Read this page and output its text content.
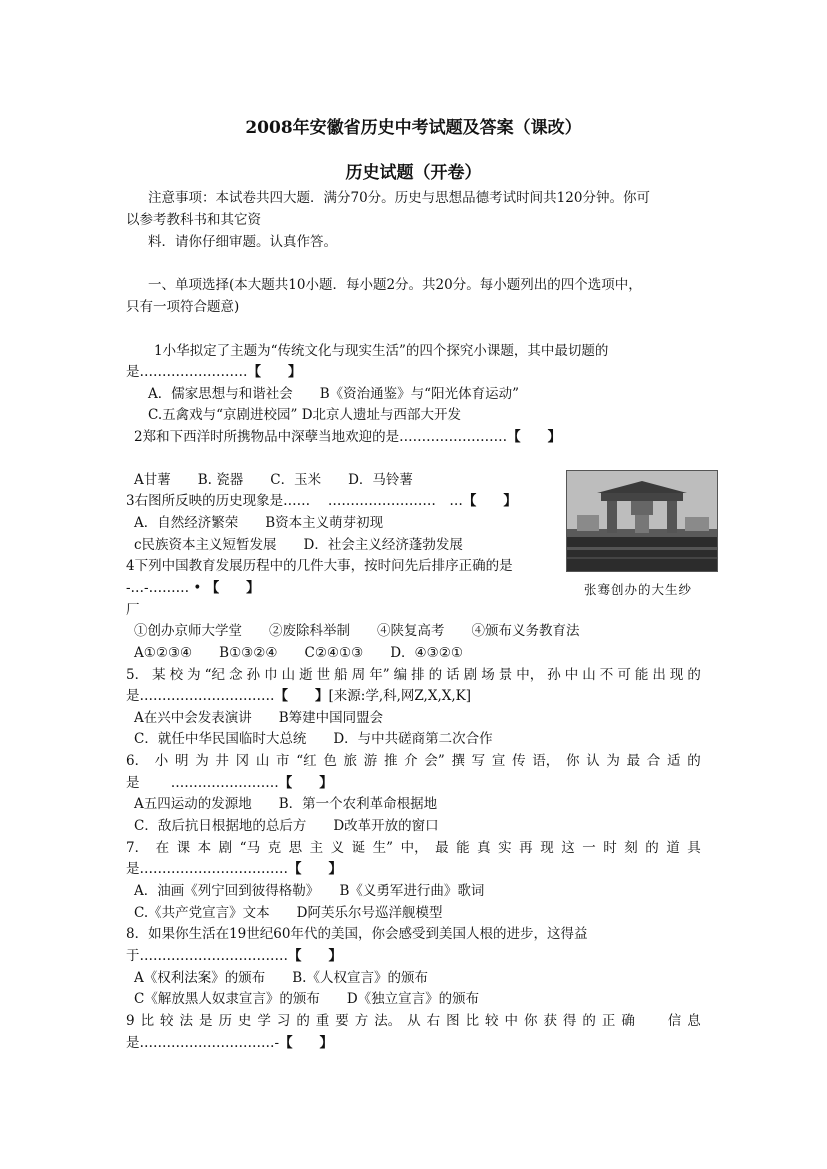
2008年安徽省历史中考试题及答案（课改）
历史试题（开卷）
注意事项：本试卷共四大题．满分70分。历史与思想品德考试时间共120分钟。你可
以参考教科书和其它资
料．请你仔细审题。认真作答。
一、单项选择(本大题共10小题．每小题2分。共20分。每小题列出的四个选项中，
只有一项符合题意)
1小华拟定了主题为“传统文化与现实生活”的四个探究小课题，其中最切题的
是……………………【　　】
A．儒家思想与和谐社会　　B《资治通鉴》与“阳光体育运动”
C.五禽戏与“京剧进校园” D北京人遗址与西部大开发
2郑和下西洋时所携物品中深孽当地欢迎的是……………………【　　】
A甘薯　　B. 瓷器　　C．玉米　　D．马铃薯
3右图所反映的历史现象是……　 ……………………　…【　　】
A．自然经济繁荣　　B资本主义萌芽初现
c民族资本主义短暂发展　　D．社会主义经济蓬勃发展
张骞创办的大生纱
4下列中国教育发展历程中的几件大事，按时问先后排序正确的是
-…-……… • 【　　】
厂
①创办京师大学堂　　②废除科举制　　④陕复高考　　④颁布义务教育法
A①②③④　　B①③②④　　C②④①③　　D．④③②①
5． 某 校 为 “纪 念 孙 巾 山 逝 世 船 周 年” 编 排 的 话 剧 场 景 中， 孙 中 山 不 可 能 出 现 的
是…………………………【　　】[来源:学,科,网Z,X,X,K]
A在兴中会发表演讲　　B筹建中国同盟会
C．就任中华民国临时大总统　　D．与中共磋商第二次合作
6． 小 明 为 井 冈 山 市 “红 色 旅 游 推 介 会” 撰 写 宣 传 语， 你 认 为 最 合 适 的
是　　 ……………………【　　】
A五四运动的发源地　　B．第一个农利革命根据地
C．敌后抗日根据地的总后方　　D改革开放的窗口
7． 在 课 本 剧 “马 克 思 主 义 诞 生” 中， 最 能 真 实 再 现 这 一 时 刻 的 道 具
是……………………………【　　】
A．油画《列宁回到彼得格勒》　　B《义勇军进行曲》歌词
C.《共产党宣言》文本　　D阿芙乐尔号巡洋舰模型
8．如果你生活在19世纪60年代的美国，你会感受到美国人根的进步，这得益
于……………………………【　　】
A《权利法案》的颁布　　B.《人权宣言》的颁布
C《解放黑人奴隶宣言》的颁布　　D《独立宣言》的颁布
9 比 较 法 是 历 史 学 习 的 重 要 方 法。 从 右 图 比 较 中 你 获 得 的 正 确 　　信 息
是…………………………-【　　】
